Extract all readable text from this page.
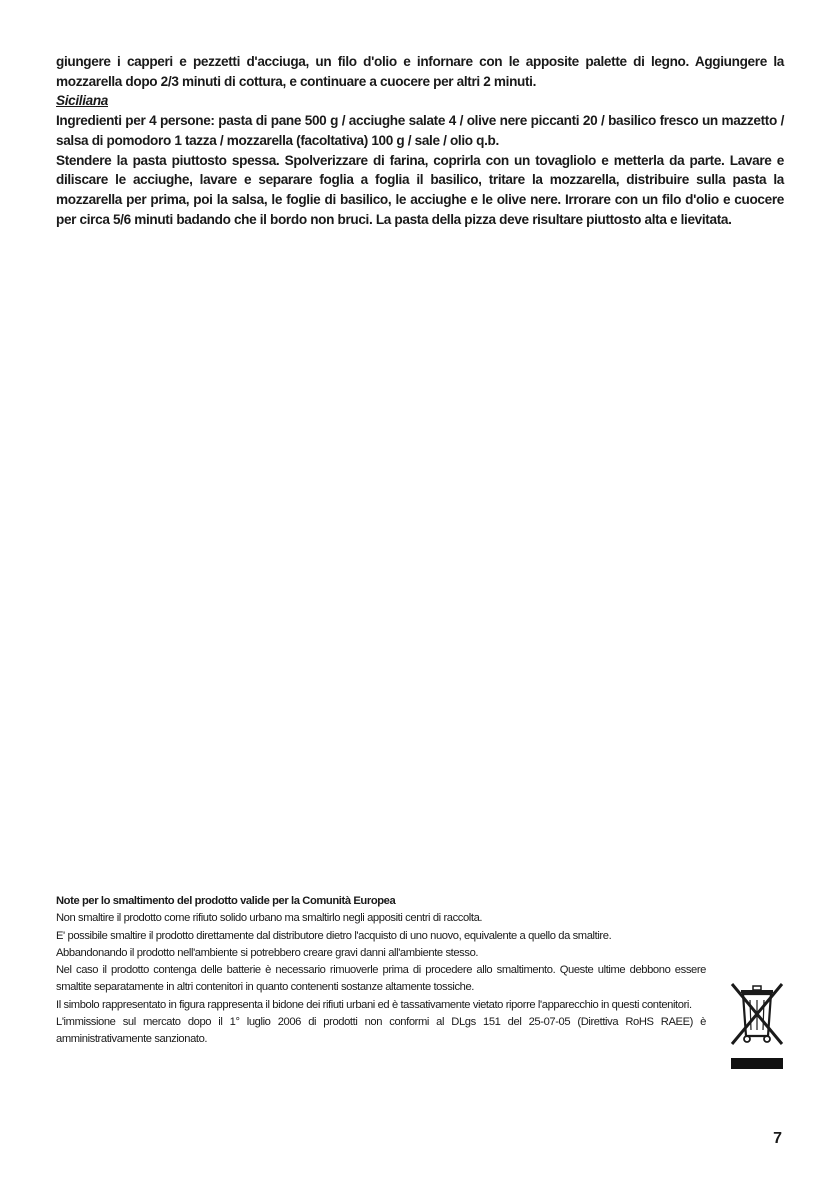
giungere i capperi e pezzetti d'acciuga, un filo d'olio e infornare con le apposite palette di legno. Aggiungere la mozzarella dopo 2/3 minuti di cottura, e continuare a cuocere per altri 2 minuti.

Siciliana

Ingredienti per 4 persone: pasta di pane 500 g / acciughe salate 4 / olive nere piccanti 20 / basilico fresco un mazzetto / salsa di pomodoro 1 tazza / mozzarella (facoltativa) 100 g / sale / olio q.b.

Stendere la pasta piuttosto spessa. Spolverizzare di farina, coprirla con un tovagliolo e metterla da parte. Lavare e diliscare le acciughe, lavare e separare foglia a foglia il basilico, tritare la mozzarella, distribuire sulla pasta la mozzarella per prima, poi la salsa, le foglie di basilico, le acciughe e le olive nere. Irrorare con un filo d'olio e cuocere per circa 5/6 minuti badando che il bordo non bruci. La pasta della pizza deve risultare piuttosto alta e lievitata.

Note per lo smaltimento del prodotto valide per la Comunità Europea

Non smaltire il prodotto come rifiuto solido urbano ma smaltirlo negli appositi centri di raccolta.

E' possibile smaltire il prodotto direttamente dal distributore dietro l'acquisto di uno nuovo, equivalente a quello da smaltire.

Abbandonando il prodotto nell'ambiente si potrebbero creare gravi danni all'ambiente stesso.

Nel caso il prodotto contenga delle batterie è necessario rimuoverle prima di procedere allo smaltimento. Queste ultime debbono essere smaltite separatamente in altri contenitori in quanto contenenti sostanze altamente tossiche.

Il simbolo rappresentato in figura rappresenta il bidone dei rifiuti urbani ed è tassativamente vietato riporre l'apparecchio in questi contenitori.

L'immissione sul mercato dopo il 1° luglio 2006 di prodotti non conformi al DLgs 151 del 25-07-05 (Direttiva RoHS RAEE) è amministrativamente sanzionato.

7
